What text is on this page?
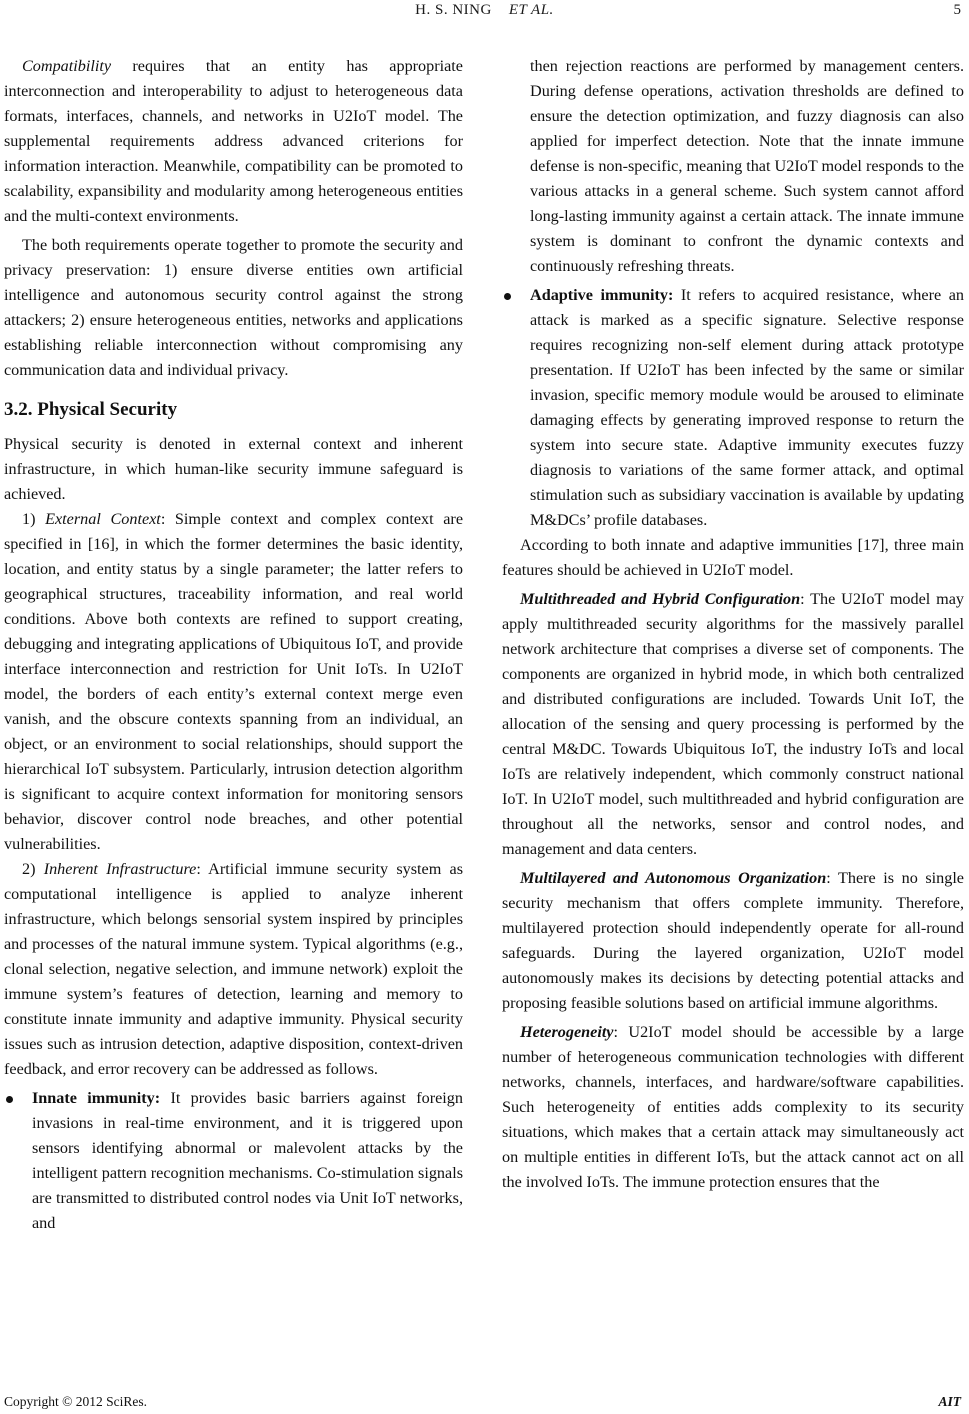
H. S. NING ET AL.	5

Compatibility requires that an entity has appropriate interconnection and interoperability to adjust to heterogeneous data formats, interfaces, channels, and networks in U2IoT model. The supplemental requirements address advanced criterions for information interaction. Meanwhile, compatibility can be promoted to scalability, expansibility and modularity among heterogeneous entities and the multi-context environments.

The both requirements operate together to promote the security and privacy preservation: 1) ensure diverse entities own artificial intelligence and autonomous security control against the strong attackers; 2) ensure heterogeneous entities, networks and applications establishing reliable interconnection without compromising any communication data and individual privacy.

3.2. Physical Security

Physical security is denoted in external context and inherent infrastructure, in which human-like security immune safeguard is achieved.

1) External Context: Simple context and complex context are specified in [16], in which the former determines the basic identity, location, and entity status by a single parameter; the latter refers to geographical structures, traceability information, and real world conditions. Above both contexts are refined to support creating, debugging and integrating applications of Ubiquitous IoT, and provide interface interconnection and restriction for Unit IoTs. In U2IoT model, the borders of each entity’s external context merge even vanish, and the obscure contexts spanning from an individual, an object, or an environment to social relationships, should support the hierarchical IoT subsystem. Particularly, intrusion detection algorithm is significant to acquire context information for monitoring sensors behavior, discover control node breaches, and other potential vulnerabilities.

2) Inherent Infrastructure: Artificial immune security system as computational intelligence is applied to analyze inherent infrastructure, which belongs sensorial system inspired by principles and processes of the natural immune system. Typical algorithms (e.g., clonal selection, negative selection, and immune network) exploit the immune system’s features of detection, learning and memory to constitute innate immunity and adaptive immunity. Physical security issues such as intrusion detection, adaptive disposition, context-driven feedback, and error recovery can be addressed as follows.

Innate immunity: It provides basic barriers against foreign invasions in real-time environment, and it is triggered upon sensors identifying abnormal or malevolent attacks by the intelligent pattern recognition mechanisms. Co-stimulation signals are transmitted to distributed control nodes via Unit IoT networks, and

then rejection reactions are performed by management centers. During defense operations, activation thresholds are defined to ensure the detection optimization, and fuzzy diagnosis can also applied for imperfect detection. Note that the innate immune defense is non-specific, meaning that U2IoT model responds to the various attacks in a general scheme. Such system cannot afford long-lasting immunity against a certain attack. The innate immune system is dominant to confront the dynamic contexts and continuously refreshing threats.

Adaptive immunity: It refers to acquired resistance, where an attack is marked as a specific signature. Selective response requires recognizing non-self element during attack prototype presentation. If U2IoT has been infected by the same or similar invasion, specific memory module would be aroused to eliminate damaging effects by generating improved response to return the system into secure state. Adaptive immunity executes fuzzy diagnosis to variations of the same former attack, and optimal stimulation such as subsidiary vaccination is available by updating M&DCs’ profile databases.

According to both innate and adaptive immunities [17], three main features should be achieved in U2IoT model.

Multithreaded and Hybrid Configuration: The U2IoT model may apply multithreaded security algorithms for the massively parallel network architecture that comprises a diverse set of components. The components are organized in hybrid mode, in which both centralized and distributed configurations are included. Towards Unit IoT, the allocation of the sensing and query processing is performed by the central M&DC. Towards Ubiquitous IoT, the industry IoTs and local IoTs are relatively independent, which commonly construct national IoT. In U2IoT model, such multithreaded and hybrid configuration are throughout all the networks, sensor and control nodes, and management and data centers.

Multilayered and Autonomous Organization: There is no single security mechanism that offers complete immunity. Therefore, multilayered protection should independently operate for all-round safeguards. During the layered organization, U2IoT model autonomously makes its decisions by detecting potential attacks and proposing feasible solutions based on artificial immune algorithms.

Heterogeneity: U2IoT model should be accessible by a large number of heterogeneous communication technologies with different networks, channels, interfaces, and hardware/software capabilities. Such heterogeneity of entities adds complexity to its security situations, which makes that a certain attack may simultaneously act on multiple entities in different IoTs, but the attack cannot act on all the involved IoTs. The immune protection ensures that the

Copyright © 2012 SciRes.	AIT
